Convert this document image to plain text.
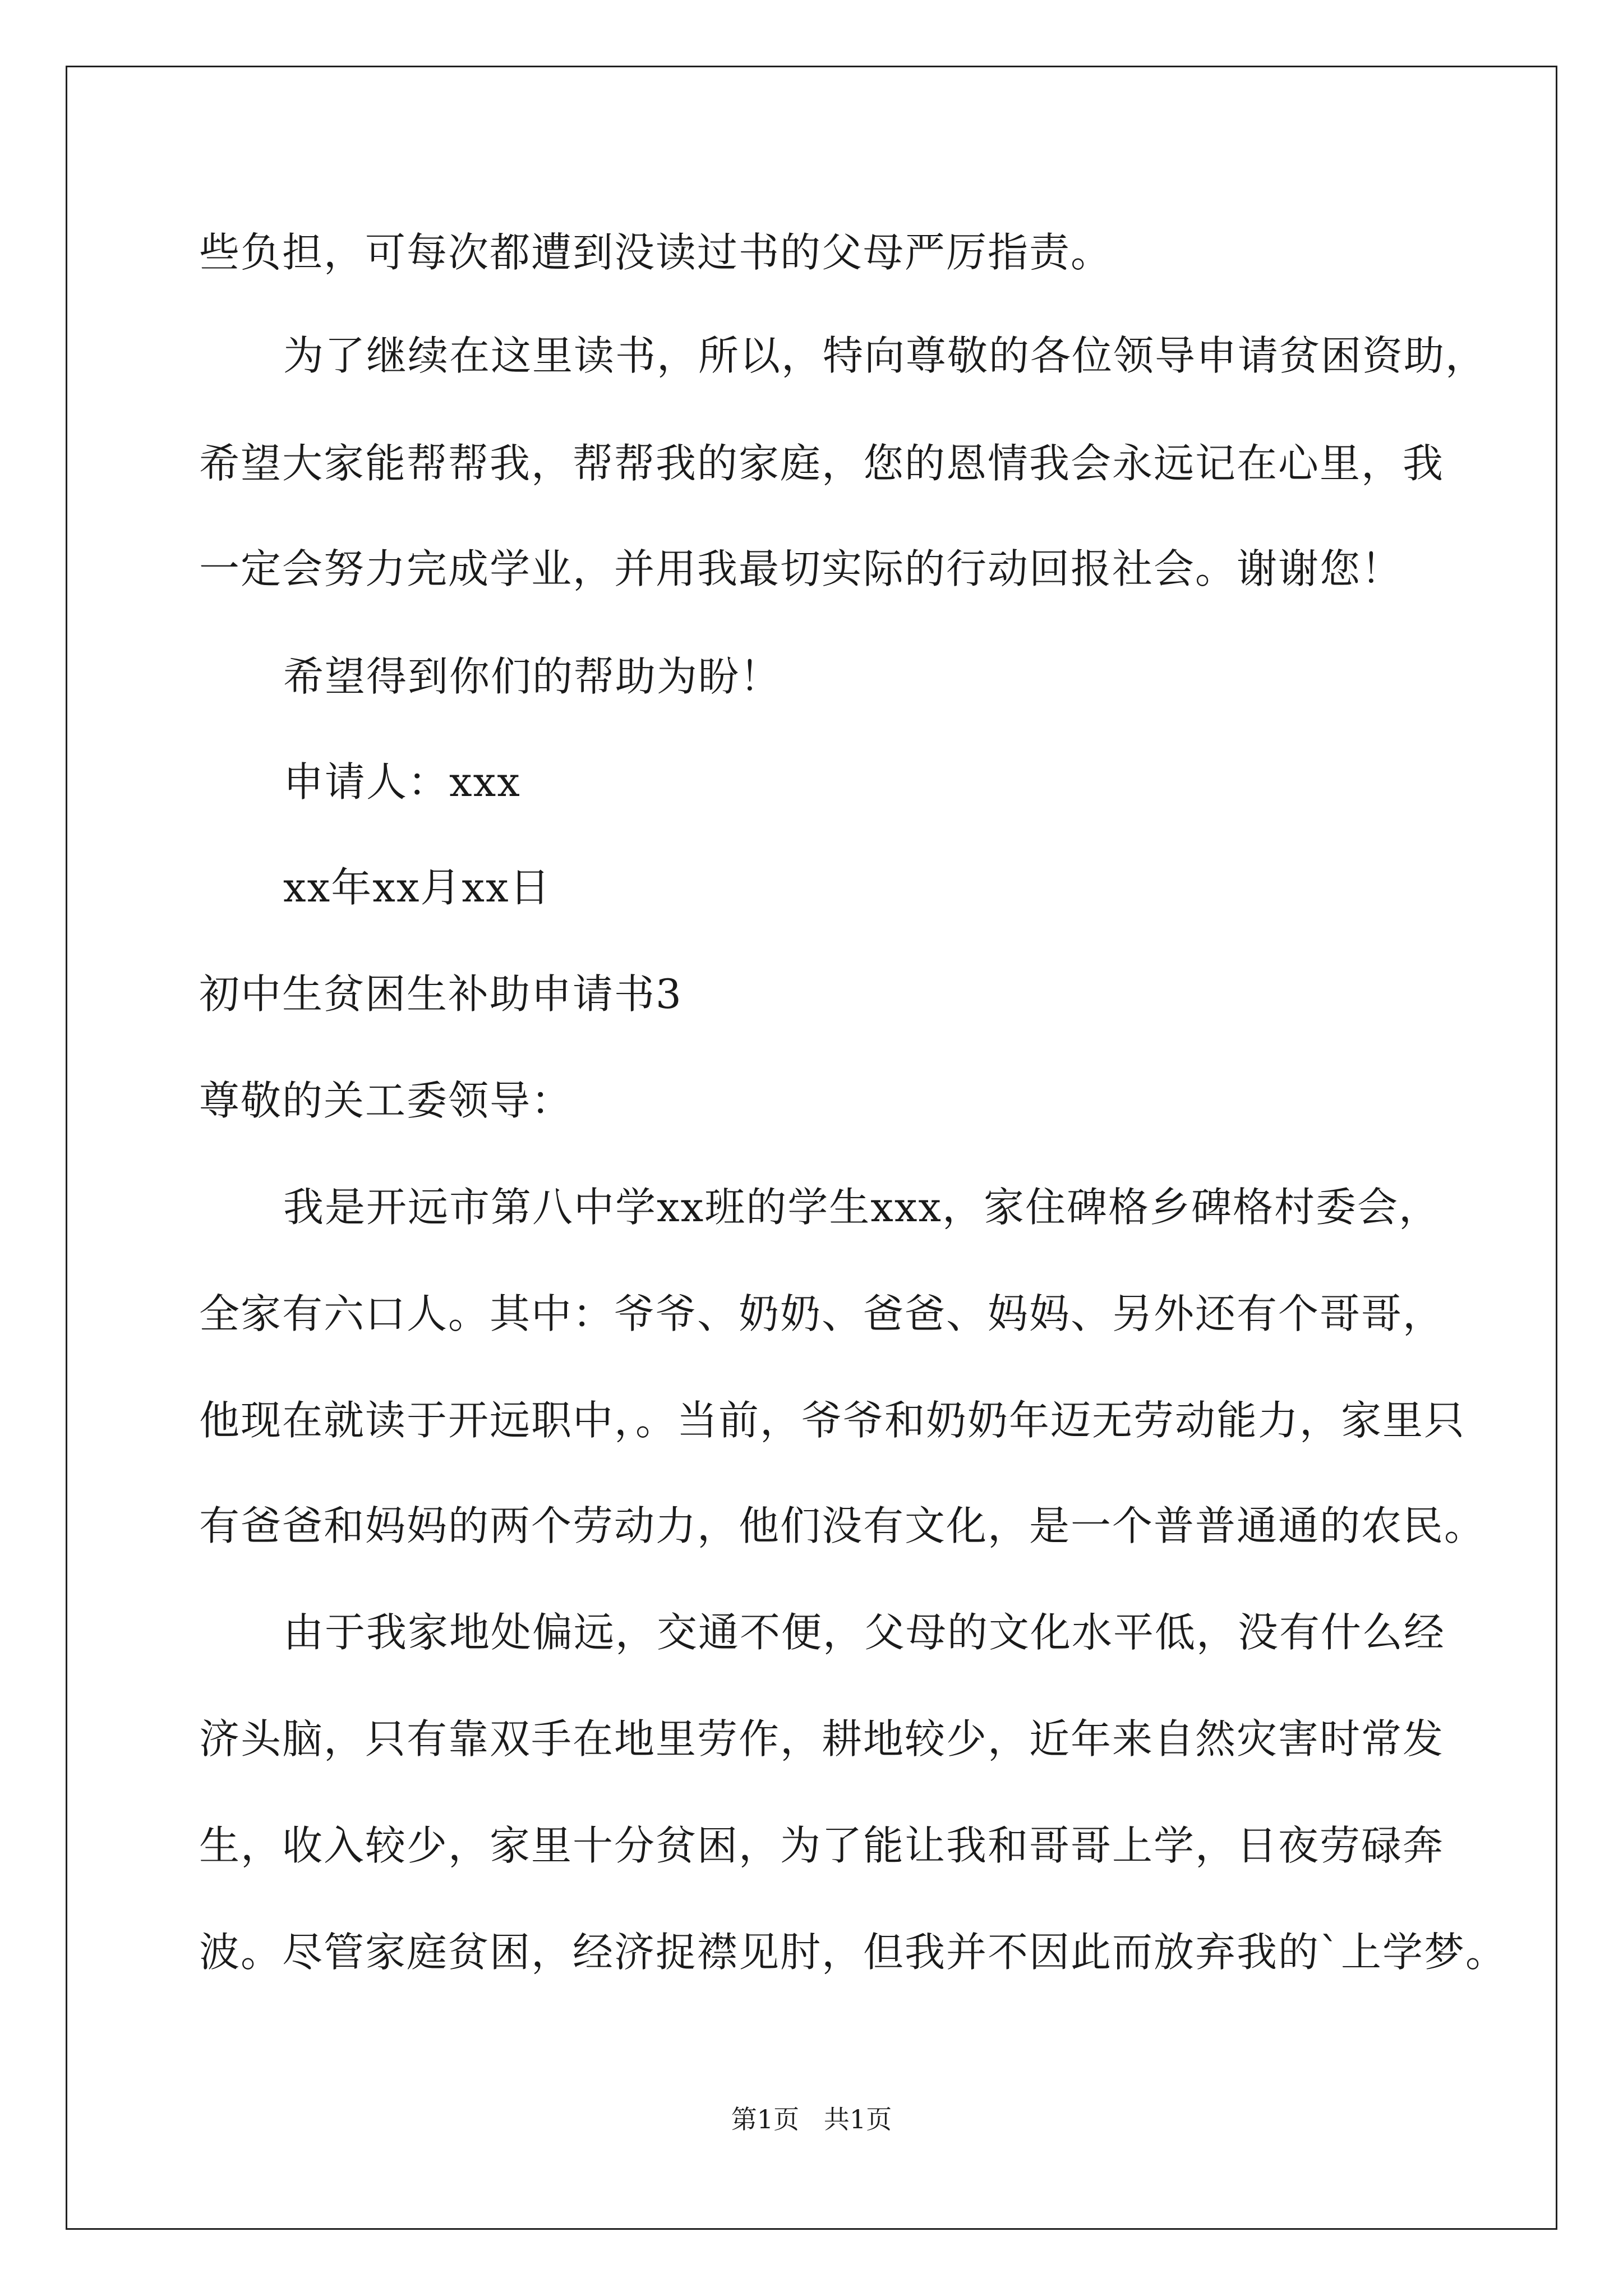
些负担，可每次都遭到没读过书的父母严厉指责。
为了继续在这里读书，所以，特向尊敬的各位领导申请贫困资助，
希望大家能帮帮我，帮帮我的家庭，您的恩情我会永远记在心里，我
一定会努力完成学业，并用我最切实际的行动回报社会。谢谢您！
希望得到你们的帮助为盼！
申请人：xxx
xx年xx月xx日
初中生贫困生补助申请书3
尊敬的关工委领导：
我是开远市第八中学xx班的学生xxx，家住碑格乡碑格村委会，
全家有六口人。其中：爷爷、奶奶、爸爸、妈妈、另外还有个哥哥，
他现在就读于开远职中，。当前，爷爷和奶奶年迈无劳动能力，家里只
有爸爸和妈妈的两个劳动力，他们没有文化，是一个普普通通的农民。
由于我家地处偏远，交通不便，父母的文化水平低，没有什么经
济头脑，只有靠双手在地里劳作，耕地较少，近年来自然灾害时常发
生，收入较少，家里十分贫困，为了能让我和哥哥上学，日夜劳碌奔
波。尽管家庭贫困，经济捉襟见肘，但我并不因此而放弃我的`上学梦。
第1页   共1页
